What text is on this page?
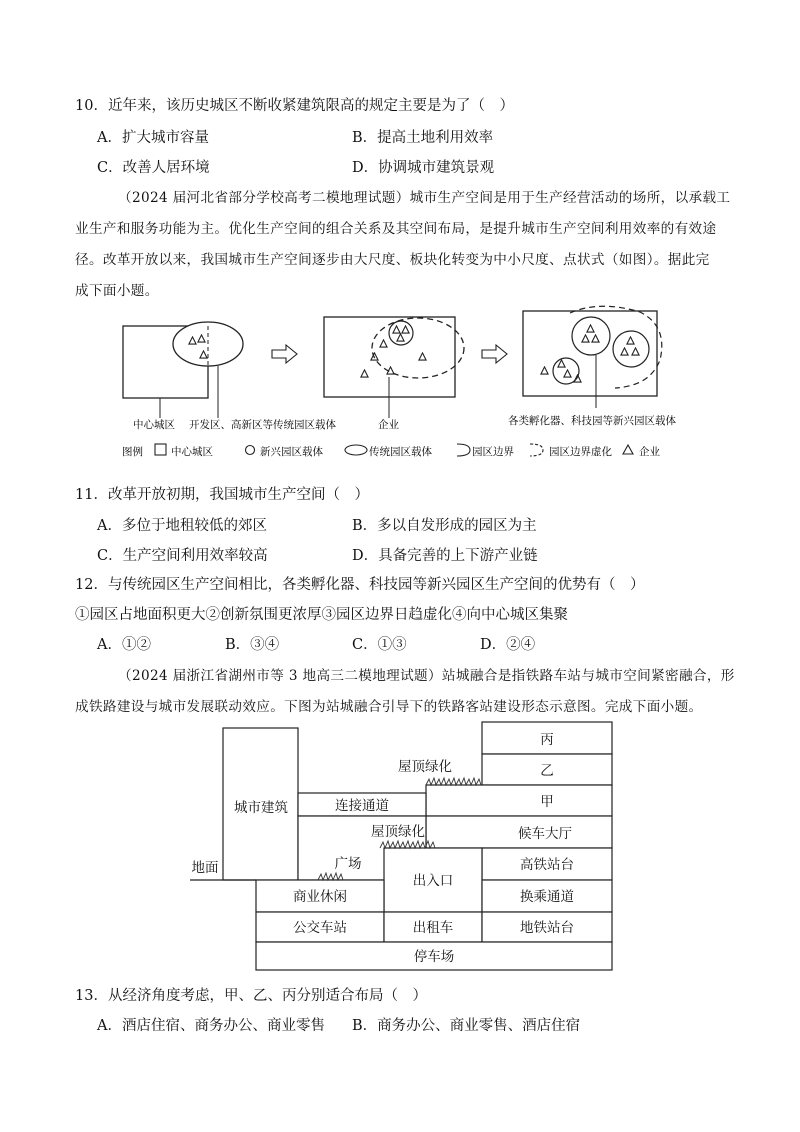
10．近年来，该历史城区不断收紧建筑限高的规定主要是为了（　）
A．扩大城市容量	B．提高土地利用效率
C．改善人居环境	D．协调城市建筑景观
（2024 届河北省部分学校高考二模地理试题）城市生产空间是用于生产经营活动的场所，以承载工
业生产和服务功能为主。优化生产空间的组合关系及其空间布局，是提升城市生产空间利用效率的有效途
径。改革开放以来，我国城市生产空间逐步由大尺度、板块化转变为中小尺度、点状式（如图）。据此完
成下面小题。
中心城区 开发区、高新区等传统园区载体	企业	各类孵化器、科技园等新兴园区载体
图例	中心城区	新兴园区载体	传统园区载体	园区边界	园区边界虚化	企业
11．改革开放初期，我国城市生产空间（　）
A．多位于地租较低的郊区	B．多以自发形成的园区为主
C．生产空间利用效率较高	D．具备完善的上下游产业链
12．与传统园区生产空间相比，各类孵化器、科技园等新兴园区生产空间的优势有（　）
①园区占地面积更大②创新氛围更浓厚③园区边界日趋虚化④向中心城区集聚
A．①②	B．③④	C．①③	D．②④
（2024 届浙江省湖州市等 3 地高三二模地理试题）站城融合是指铁路车站与城市空间紧密融合，形
成铁路建设与城市发展联动效应。下图为站城融合引导下的铁路客站建设形态示意图。完成下面小题。
城市建筑
屋顶绿化
丙
乙
甲
连接通道
屋顶绿化	候车大厅
地面	广场
出入口
高铁站台
商业休闲	换乘通道
公交车站	出租车	地铁站台
停车场
13．从经济角度考虑，甲、乙、丙分别适合布局（　）
A．酒店住宿、商务办公、商业零售 B．商务办公、商业零售、酒店住宿
